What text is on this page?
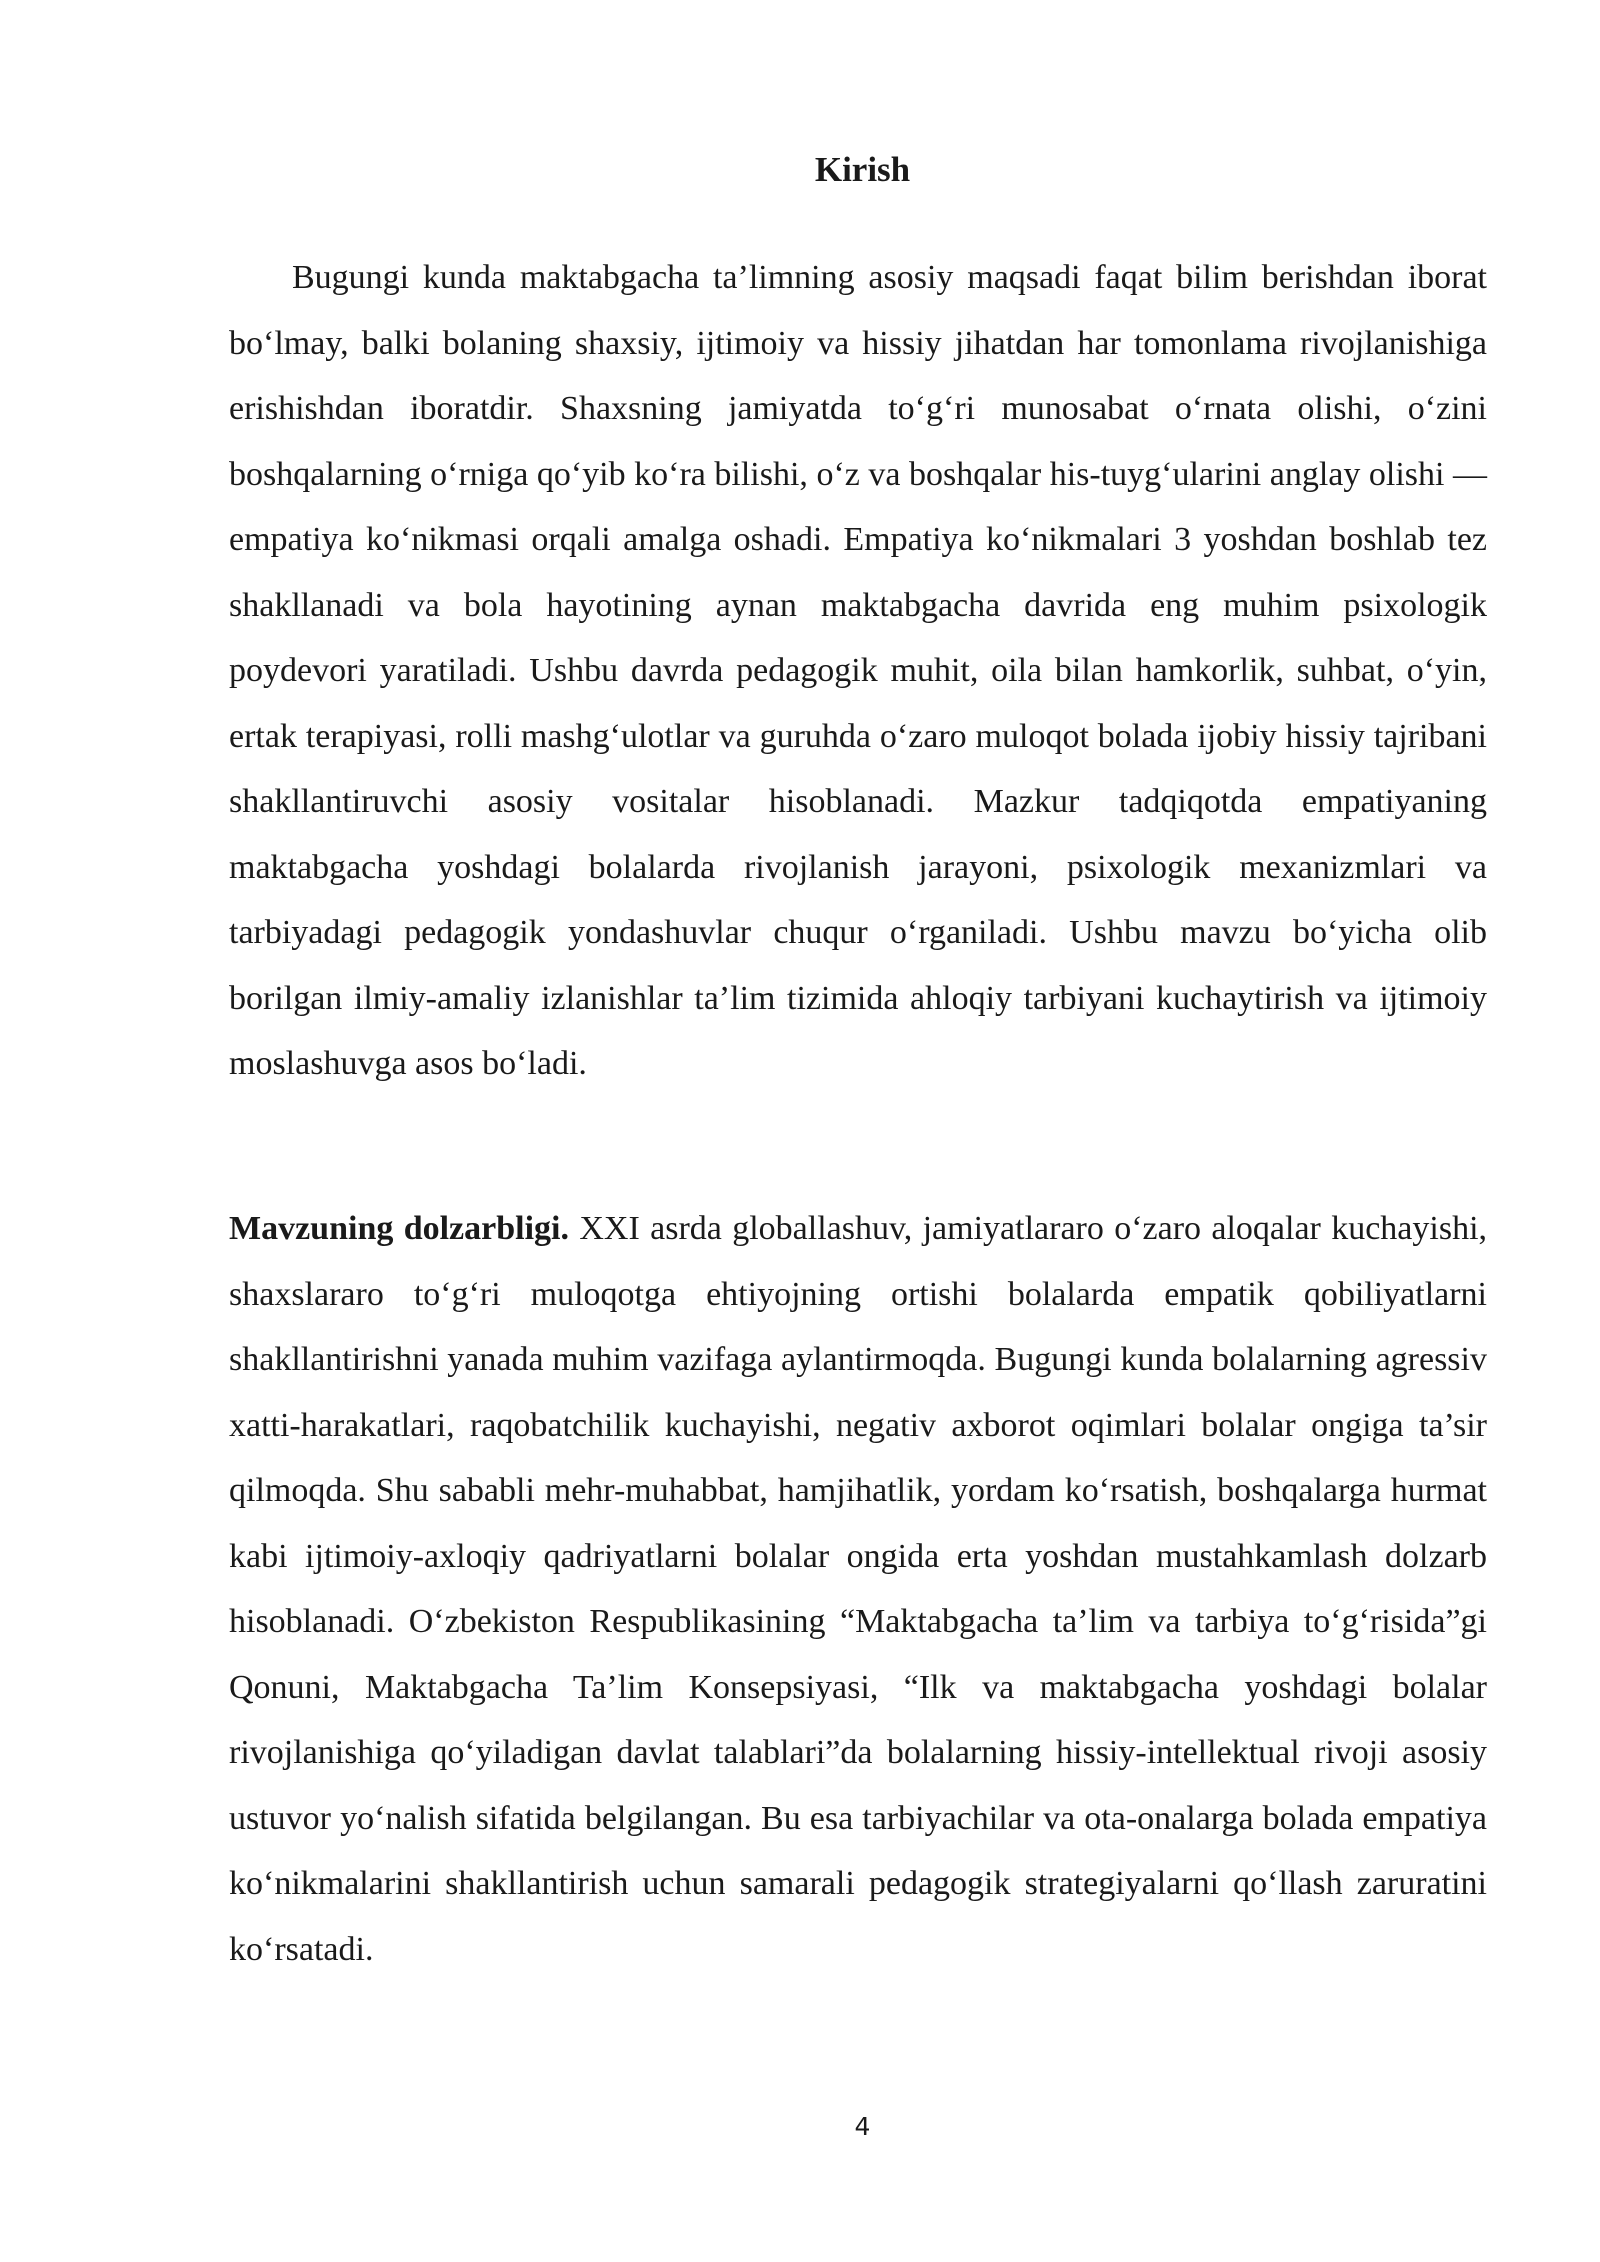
Kirish

Bugungi kunda maktabgacha ta’limning asosiy maqsadi faqat bilim berishdan iborat bo‘lmay, balki bolaning shaxsiy, ijtimoiy va hissiy jihatdan har tomonlama rivojlanishiga erishishdan iboratdir. Shaxsning jamiyatda to‘g‘ri munosabat o‘rnata olishi, o‘zini boshqalarning o‘rniga qo‘yib ko‘ra bilishi, o‘z va boshqalar his-tuyg‘ularini anglay olishi — empatiya ko‘nikmasi orqali amalga oshadi. Empatiya ko‘nikmalari 3 yoshdan boshlab tez shakllanadi va bola hayotining aynan maktabgacha davrida eng muhim psixologik poydevori yaratiladi. Ushbu davrda pedagogik muhit, oila bilan hamkorlik, suhbat, o‘yin, ertak terapiyasi, rolli mashg‘ulotlar va guruhda o‘zaro muloqot bolada ijobiy hissiy tajribani shakllantiruvchi asosiy vositalar hisoblanadi. Mazkur tadqiqotda empatiyaning maktabgacha yoshdagi bolalarda rivojlanish jarayoni, psixologik mexanizmlari va tarbiyadagi pedagogik yondashuvlar chuqur o‘rganiladi. Ushbu mavzu bo‘yicha olib borilgan ilmiy-amaliy izlanishlar ta’lim tizimida ahloqiy tarbiyani kuchaytirish va ijtimoiy moslashuvga asos bo‘ladi.

Mavzuning dolzarbligi. XXI asrda globallashuv, jamiyatlararo o‘zaro aloqalar kuchayishi, shaxslararo to‘g‘ri muloqotga ehtiyojning ortishi bolalarda empatik qobiliyatlarni shakllantirishni yanada muhim vazifaga aylantirmoqda. Bugungi kunda bolalarning agressiv xatti-harakatlari, raqobatchilik kuchayishi, negativ axborot oqimlari bolalar ongiga ta’sir qilmoqda. Shu sababli mehr-muhabbat, hamjihatlik, yordam ko‘rsatish, boshqalarga hurmat kabi ijtimoiy-axloqiy qadriyatlarni bolalar ongida erta yoshdan mustahkamlash dolzarb hisoblanadi. O‘zbekiston Respublikasining “Maktabgacha ta’lim va tarbiya to‘g‘risida”gi Qonuni, Maktabgacha Ta’lim Konsepsiyasi, “Ilk va maktabgacha yoshdagi bolalar rivojlanishiga qo‘yiladigan davlat talablari”da bolalarning hissiy-intellektual rivoji asosiy ustuvor yo‘nalish sifatida belgilangan. Bu esa tarbiyachilar va ota-onalarga bolada empatiya ko‘nikmalarini shakllantirish uchun samarali pedagogik strategiyalarni qo‘llash zaruratini ko‘rsatadi.

4
